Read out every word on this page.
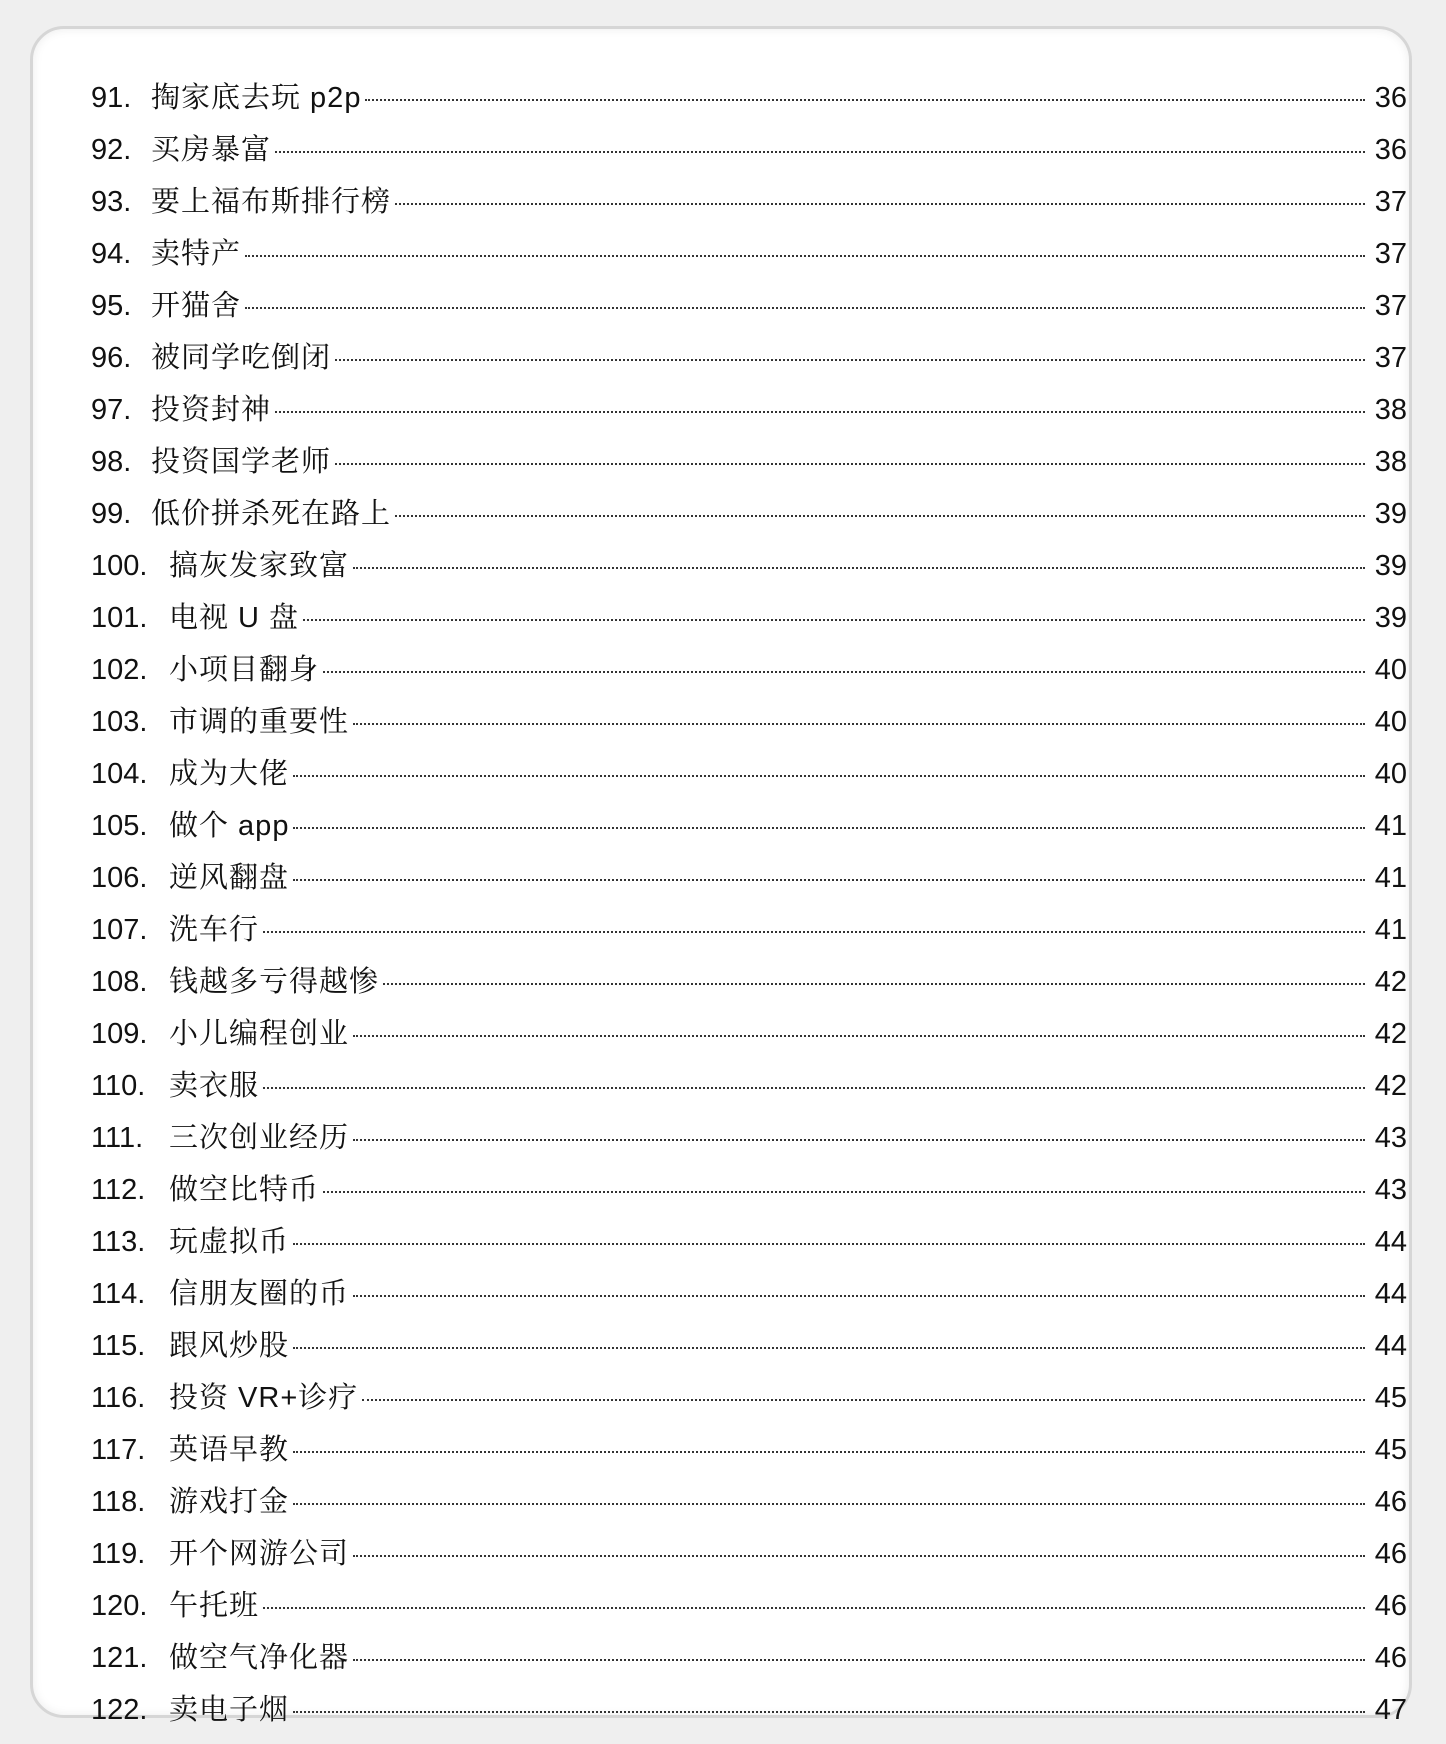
91. 掏家底去玩 p2p	36
92. 买房暴富	36
93. 要上福布斯排行榜	37
94. 卖特产	37
95. 开猫舍	37
96. 被同学吃倒闭	37
97. 投资封神	38
98. 投资国学老师	38
99. 低价拼杀死在路上	39
100. 搞灰发家致富	39
101. 电视 U 盘	39
102. 小项目翻身	40
103. 市调的重要性	40
104. 成为大佬	40
105. 做个 app	41
106. 逆风翻盘	41
107. 洗车行	41
108. 钱越多亏得越惨	42
109. 小儿编程创业	42
110. 卖衣服	42
111. 三次创业经历	43
112. 做空比特币	43
113. 玩虚拟币	44
114. 信朋友圈的币	44
115. 跟风炒股	44
116. 投资 VR+诊疗	45
117. 英语早教	45
118. 游戏打金	46
119. 开个网游公司	46
120. 午托班	46
121. 做空气净化器	46
122. 卖电子烟	47
